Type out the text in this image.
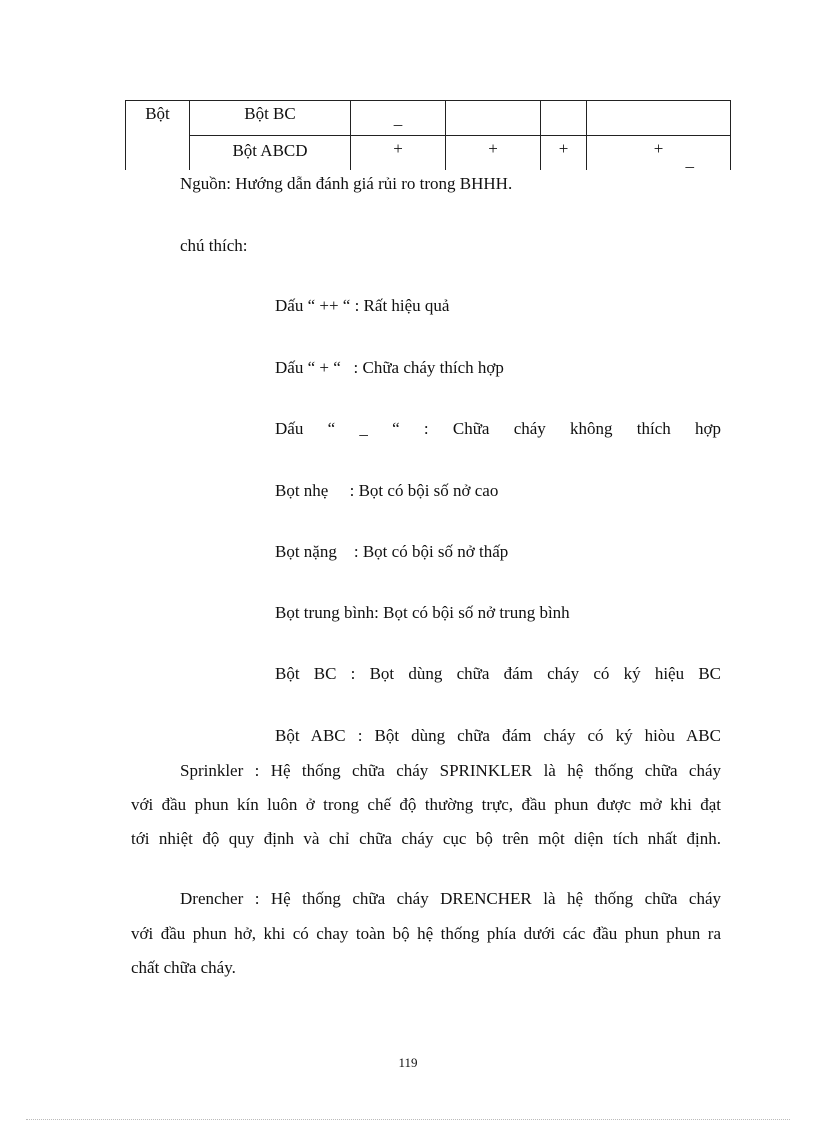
Bột	Bột BC	_			

	Bột ABCD	+	+	+	+
_
Nguồn: Hướng dẫn đánh giá rủi ro trong BHHH.
chú thích:
Dấu “ ++ “ : Rất hiệu quả
Dấu “ + “   : Chữa cháy thích hợp
Dấu “ _ “ : Chữa cháy không thích hợp
Bọt nhẹ     : Bọt có bội số nở cao
Bọt nặng    : Bọt có bội số nở thấp
Bọt trung bình: Bọt có bội số nở trung bình
Bột BC : Bọt dùng chữa đám cháy có ký hiệu BC
Bột ABC : Bột dùng chữa đám cháy có ký hiòu ABC
Sprinkler : Hệ thống chữa cháy SPRINKLER là hệ thống chữa cháy
với đầu phun kín luôn ở trong chế độ thường trực, đầu phun được mở khi đạt
tới nhiệt độ quy định và chỉ chữa cháy cục bộ trên một diện tích nhất định.
Drencher : Hệ thống chữa cháy DRENCHER là hệ thống chữa cháy
với đầu phun hở, khi có chay toàn bộ hệ thống phía dưới các đầu phun phun ra
chất chữa cháy.
119
